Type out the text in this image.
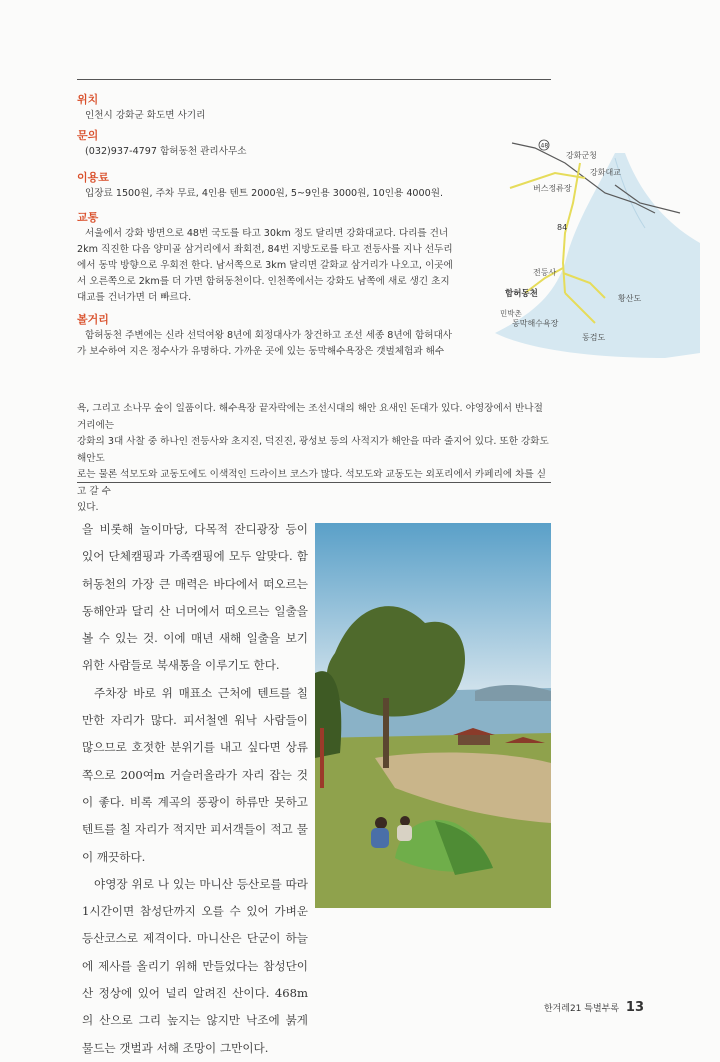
위치
인천시 강화군 화도면 사기리
문의
(032)937-4797 함허동천 관리사무소
이용료
입장료 1500원, 주차 무료, 4인용 텐트 2000원, 5~9인용 3000원, 10인용 4000원.
교통
서울에서 강화 방면으로 48번 국도를 타고 30km 정도 달리면 강화대교다. 다리를 건너
2km 직진한 다음 양미골 삼거리에서 좌회전, 84번 지방도로를 타고 전등사를 지나 선두리
에서 동막 방향으로 우회전 한다. 남서쪽으로 3km 달리면 갈화교 삼거리가 나오고, 이곳에
서 오른쪽으로 2km를 더 가면 함허동천이다. 인천쪽에서는 강화도 남쪽에 새로 생긴 초지
대교를 건너가면 더 빠르다.
볼거리
함허동천 주변에는 신라 선덕여왕 8년에 회정대사가 창건하고 조선 세종 8년에 함허대사
가 보수하여 지은 정수사가 유명하다. 가까운 곳에 있는 동막해수욕장은 갯벌체험과 해수
욕, 그리고 소나무 숲이 일품이다. 해수욕장 끝자락에는 조선시대의 해안 요새인 돈대가 있다. 야영장에서 반나절 거리에는
강화의 3대 사찰 중 하나인 전등사와 초지진, 덕진진, 광성보 등의 사적지가 해안을 따라 줄지어 있다. 또한 강화도 해안도
로는 물론 석모도와 교동도에도 이색적인 드라이브 코스가 많다. 석모도와 교동도는 외포리에서 카페리에 차를 싣고 갈 수
있다.
48
84
강화군청
강화대교
버스정류장
전등사
함허동천
민박촌
동막해수욕장
황산도
동검도

을 비롯해 놀이마당, 다목적 잔디광장 등이 있어 단체캠핑과 가족캠핑에 모두 알맞다. 함허동천의 가장 큰 매력은 바다에서 떠오르는 동해안과 달리 산 너머에서 떠오르는 일출을 볼 수 있는 것. 이에 매년 새해 일출을 보기 위한 사람들로 북새통을 이루기도 한다.

주차장 바로 위 매표소 근처에 텐트를 칠 만한 자리가 많다. 피서철엔 워낙 사람들이 많으므로 호젓한 분위기를 내고 싶다면 상류쪽으로 200여m 거슬러올라가 자리 잡는 것이 좋다. 비록 계곡의 풍광이 하류만 못하고 텐트를 칠 자리가 적지만 피서객들이 적고 물이 깨끗하다.

야영장 위로 나 있는 마니산 등산로를 따라 1시간이면 참성단까지 오를 수 있어 가벼운 등산코스로 제격이다. 마니산은 단군이 하늘에 제사를 올리기 위해 만들었다는 참성단이 산 정상에 있어 널리 알려진 산이다. 468m의 산으로 그리 높지는 않지만 낙조에 붉게 물드는 갯벌과 서해 조망이 그만이다.

한겨레21 특별부록 13
